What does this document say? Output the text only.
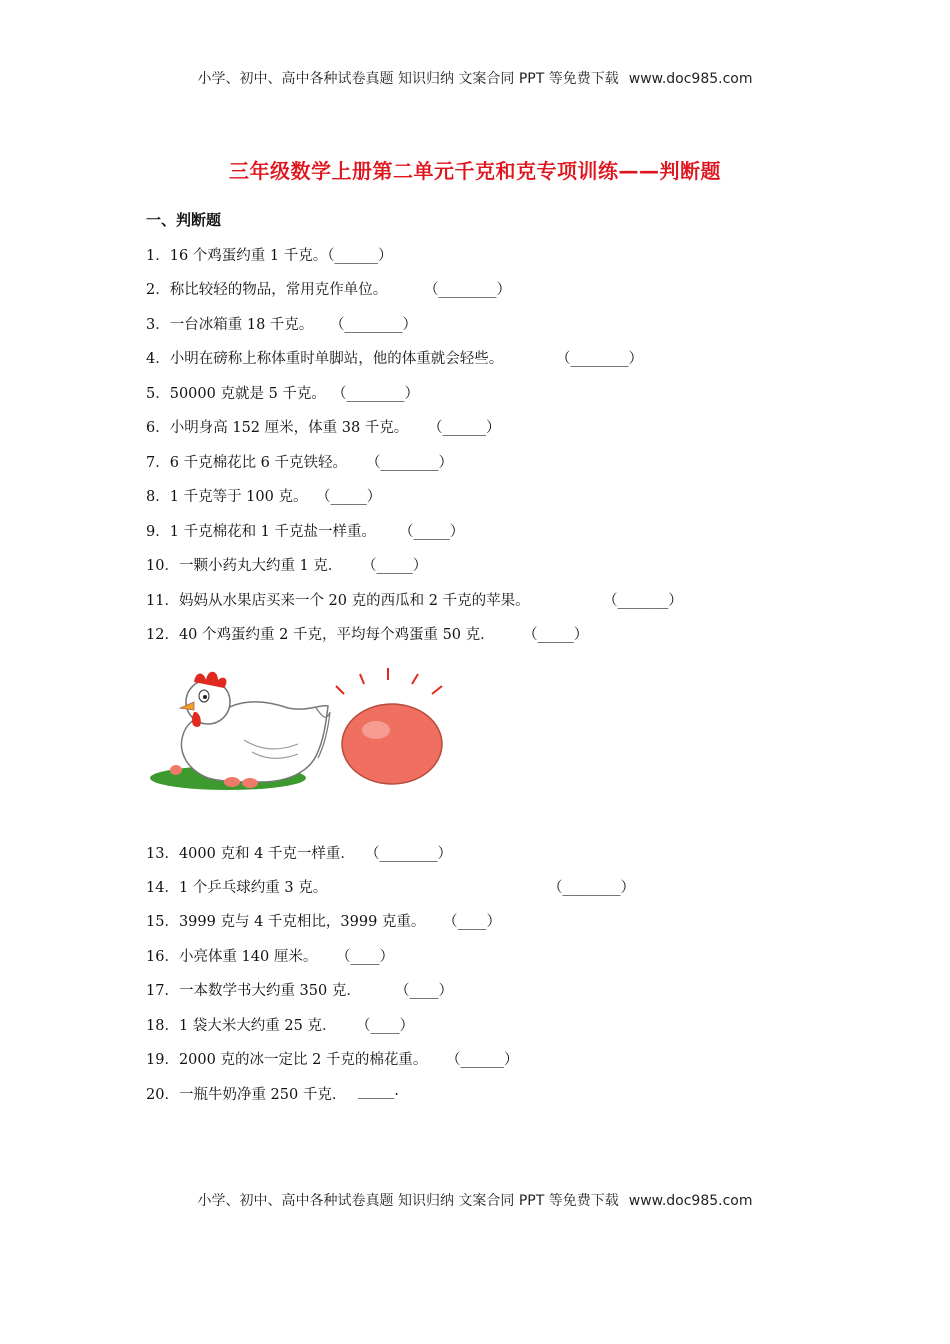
小学、初中、高中各种试卷真题 知识归纳 文案合同 PPT 等免费下载 www.doc985.com
三年级数学上册第二单元千克和克专项训练——判断题
一、判断题
1．16 个鸡蛋约重 1 千克。
（______）
2．称比较轻的物品，常用克作单位。	（________）
3．一台冰箱重 18 千克。 （________）
4．小明在磅称上称体重时单脚站，他的体重就会轻些。	（________）
5．50000 克就是 5 千克。 （________）
6．小明身高 152 厘米，体重 38 千克。 （______）
7．6 千克棉花比 6 千克铁轻。 （________）
8．1 千克等于 100 克。 （_____）
9．1 千克棉花和 1 千克盐一样重。 （_____）
10．一颗小药丸大约重 1 克． （_____）
11．妈妈从水果店买来一个 20 克的西瓜和 2 千克的苹果。	（_______）
12．40 个鸡蛋约重 2 千克，平均每个鸡蛋重 50 克． （_____）
13．4000 克和 4 千克一样重． （________）
14．1 个乒乓球约重 3 克。	（________）
15．3999 克与 4 千克相比，3999 克重。 （____）
16．小亮体重 140 厘米。 （____）
17．一本数学书大约重 350 克． （____）
18．1 袋大米大约重 25 克． （____）
19．2000 克的冰一定比 2 千克的棉花重。 （______）
20．一瓶牛奶净重 250 千克． _____.
小学、初中、高中各种试卷真题 知识归纳 文案合同 PPT 等免费下载 www.doc985.com
